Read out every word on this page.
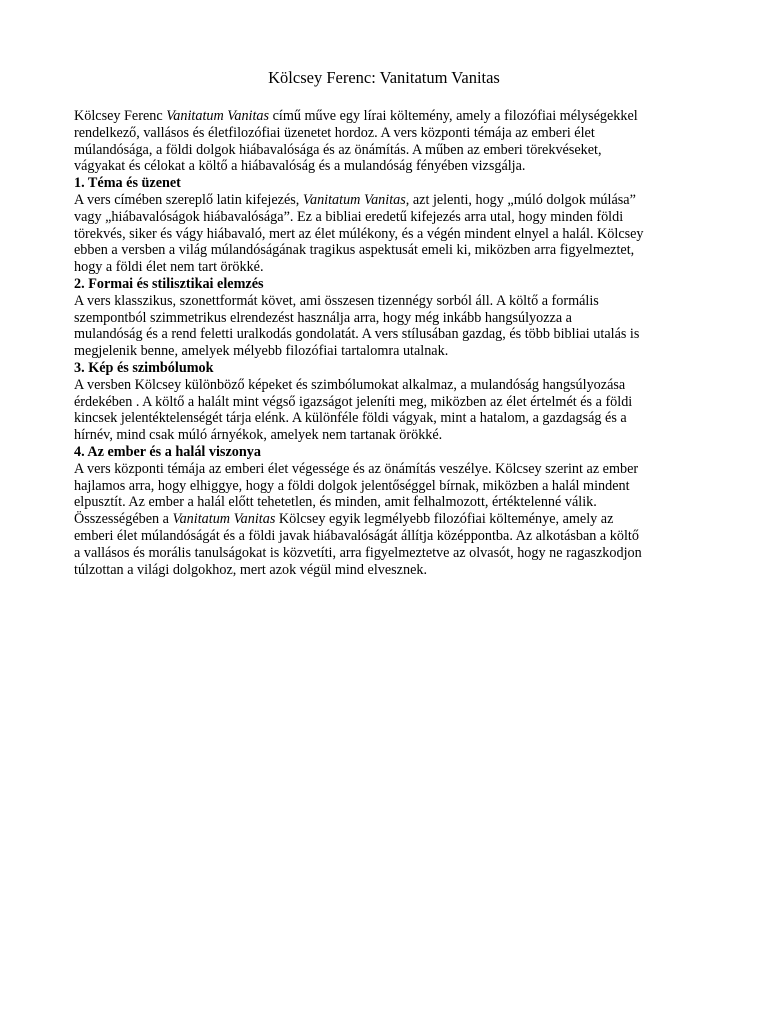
Kölcsey Ferenc: Vanitatum Vanitas

Kölcsey Ferenc Vanitatum Vanitas című műve egy lírai költemény, amely a filozófiai mélységekkel
rendelkező, vallásos és életfilozófiai üzenetet hordoz. A vers központi témája az emberi élet
múlandósága, a földi dolgok hiábavalósága és az önámítás. A műben az emberi törekvéseket,
vágyakat és célokat a költő a hiábavalóság és a mulandóság fényében vizsgálja.

1. Téma és üzenet

A vers címében szereplő latin kifejezés, Vanitatum Vanitas, azt jelenti, hogy „múló dolgok múlása”
vagy „hiábavalóságok hiábavalósága”. Ez a bibliai eredetű kifejezés arra utal, hogy minden földi
törekvés, siker és vágy hiábavaló, mert az élet múlékony, és a végén mindent elnyel a halál. Kölcsey
ebben a versben a világ múlandóságának tragikus aspektusát emeli ki, miközben arra figyelmeztet,
hogy a földi élet nem tart örökké.

2. Formai és stilisztikai elemzés

A vers klasszikus, szonettformát követ, ami összesen tizennégy sorból áll. A költő a formális
szempontból szimmetrikus elrendezést használja arra, hogy még inkább hangsúlyozza a
mulandóság és a rend feletti uralkodás gondolatát. A vers stílusában gazdag, és több bibliai utalás is
megjelenik benne, amelyek mélyebb filozófiai tartalomra utalnak.

3. Kép és szimbólumok

A versben Kölcsey különböző képeket és szimbólumokat alkalmaz, a mulandóság hangsúlyozása
érdekében . A költő a halált mint végső igazságot jeleníti meg, miközben az élet értelmét és a földi
kincsek jelentéktelenségét tárja elénk. A különféle földi vágyak, mint a hatalom, a gazdagság és a
hírnév, mind csak múló árnyékok, amelyek nem tartanak örökké.

4. Az ember és a halál viszonya

A vers központi témája az emberi élet végessége és az önámítás veszélye. Kölcsey szerint az ember
hajlamos arra, hogy elhiggye, hogy a földi dolgok jelentőséggel bírnak, miközben a halál mindent
elpusztít. Az ember a halál előtt tehetetlen, és minden, amit felhalmozott, értéktelenné válik.
Összességében a Vanitatum Vanitas Kölcsey egyik legmélyebb filozófiai költeménye, amely az
emberi élet múlandóságát és a földi javak hiábavalóságát állítja középpontba. Az alkotásban a költő
a vallásos és morális tanulságokat is közvetíti, arra figyelmeztetve az olvasót, hogy ne ragaszkodjon
túlzottan a világi dolgokhoz, mert azok végül mind elvesznek.
